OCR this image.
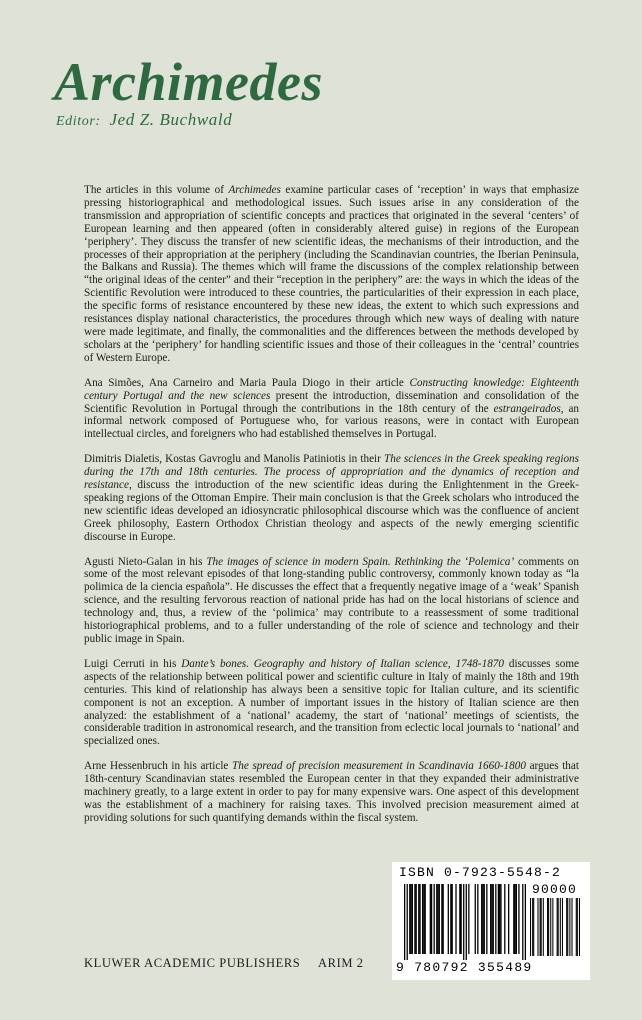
Archimedes
Editor: Jed Z. Buchwald

The articles in this volume of Archimedes examine particular cases of ‘reception’ in ways that emphasize pressing historiographical and methodological issues. Such issues arise in any consideration of the transmission and appropriation of scientific concepts and practices that originated in the several ‘centers’ of European learning and then appeared (often in considerably altered guise) in regions of the European ‘periphery’. They discuss the transfer of new scientific ideas, the mechanisms of their introduction, and the processes of their appropriation at the periphery (including the Scandinavian countries, the Iberian Peninsula, the Balkans and Russia). The themes which will frame the discussions of the complex relationship between “the original ideas of the center” and their “reception in the periphery” are: the ways in which the ideas of the Scientific Revolution were introduced to these countries, the particularities of their expression in each place, the specific forms of resistance encountered by these new ideas, the extent to which such expressions and resistances display national characteristics, the procedures through which new ways of dealing with nature were made legitimate, and finally, the commonalities and the differences between the methods developed by scholars at the ‘periphery’ for handling scientific issues and those of their colleagues in the ‘central’ countries of Western Europe.

Ana Simões, Ana Carneiro and Maria Paula Diogo in their article Constructing knowledge: Eighteenth century Portugal and the new sciences present the introduction, dissemination and consolidation of the Scientific Revolution in Portugal through the contributions in the 18th century of the estrangeirados, an informal network composed of Portuguese who, for various reasons, were in contact with European intellectual circles, and foreigners who had established themselves in Portugal.

Dimitris Dialetis, Kostas Gavroglu and Manolis Patiniotis in their The sciences in the Greek speaking regions during the 17th and 18th centuries. The process of appropriation and the dynamics of reception and resistance, discuss the introduction of the new scientific ideas during the Enlightenment in the Greek-speaking regions of the Ottoman Empire. Their main conclusion is that the Greek scholars who introduced the new scientific ideas developed an idiosyncratic philosophical discourse which was the confluence of ancient Greek philosophy, Eastern Orthodox Christian theology and aspects of the newly emerging scientific discourse in Europe.

Agusti Nieto-Galan in his The images of science in modern Spain. Rethinking the ‘Polemica’ comments on some of the most relevant episodes of that long-standing public controversy, commonly known today as “la polimica de la ciencia española”. He discusses the effect that a frequently negative image of a ‘weak’ Spanish science, and the resulting fervorous reaction of national pride has had on the local historians of science and technology and, thus, a review of the ‘polimica’ may contribute to a reassessment of some traditional historiographical problems, and to a fuller understanding of the role of science and technology and their public image in Spain.

Luigi Cerruti in his Dante’s bones. Geography and history of Italian science, 1748-1870 discusses some aspects of the relationship between political power and scientific culture in Italy of mainly the 18th and 19th centuries. This kind of relationship has always been a sensitive topic for Italian culture, and its scientific component is not an exception. A number of important issues in the history of Italian science are then analyzed: the establishment of a ‘national’ academy, the start of ‘national’ meetings of scientists, the considerable tradition in astronomical research, and the transition from eclectic local journals to ‘national’ and specialized ones.

Arne Hessenbruch in his article The spread of precision measurement in Scandinavia 1660-1800 argues that 18th-century Scandinavian states resembled the European center in that they expanded their administrative machinery greatly, to a large extent in order to pay for many expensive wars. One aspect of this development was the establishment of a machinery for raising taxes. This involved precision measurement aimed at providing solutions for such quantifying demands within the fiscal system.

KLUWER ACADEMIC PUBLISHERS ARIM 2
ISBN 0-7923-5548-2
90000
9 780792 355489
